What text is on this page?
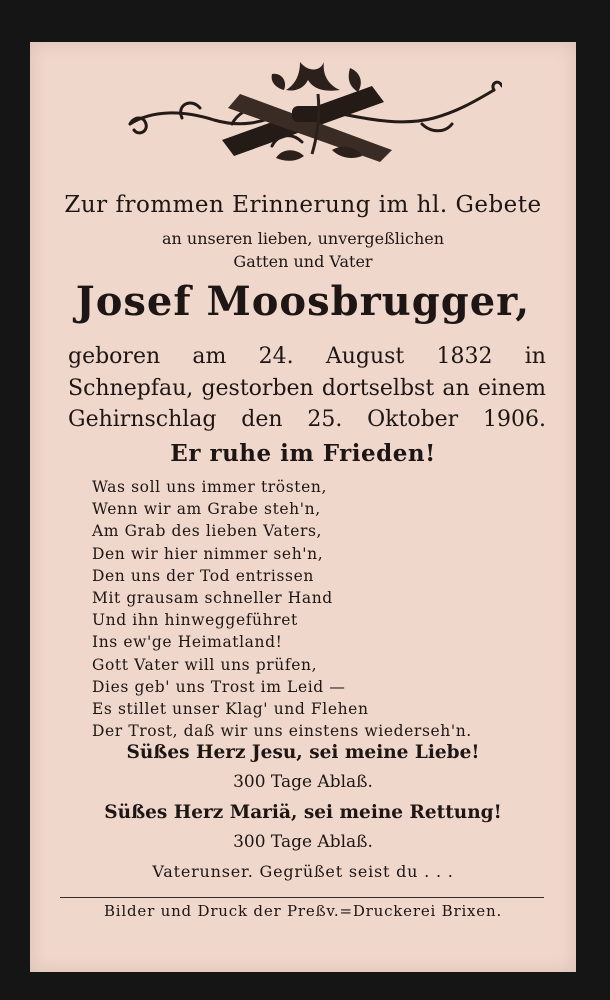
Zur frommen Erinnerung im hl. Gebete
an unseren lieben, unvergeßlichen
Gatten und Vater
Josef Moosbrugger,
geboren am 24. August 1832 in
Schnepfau, gestorben dortselbst an einem
Gehirnschlag den 25. Oktober 1906.
Er ruhe im Frieden!
Was soll uns immer trösten,
Wenn wir am Grabe steh'n,
Am Grab des lieben Vaters,
Den wir hier nimmer seh'n,
Den uns der Tod entrissen
Mit grausam schneller Hand
Und ihn hinweggeführet
Ins ew'ge Heimatland!
Gott Vater will uns prüfen,
Dies geb' uns Trost im Leid —
Es stillet unser Klag' und Flehen
Der Trost, daß wir uns einstens wiederseh'n.
Süßes Herz Jesu, sei meine Liebe!
300 Tage Ablaß.
Süßes Herz Mariä, sei meine Rettung!
300 Tage Ablaß.
Vaterunser. Gegrüßet seist du . . .
Bilder und Druck der Preßv.=Druckerei Brixen.
